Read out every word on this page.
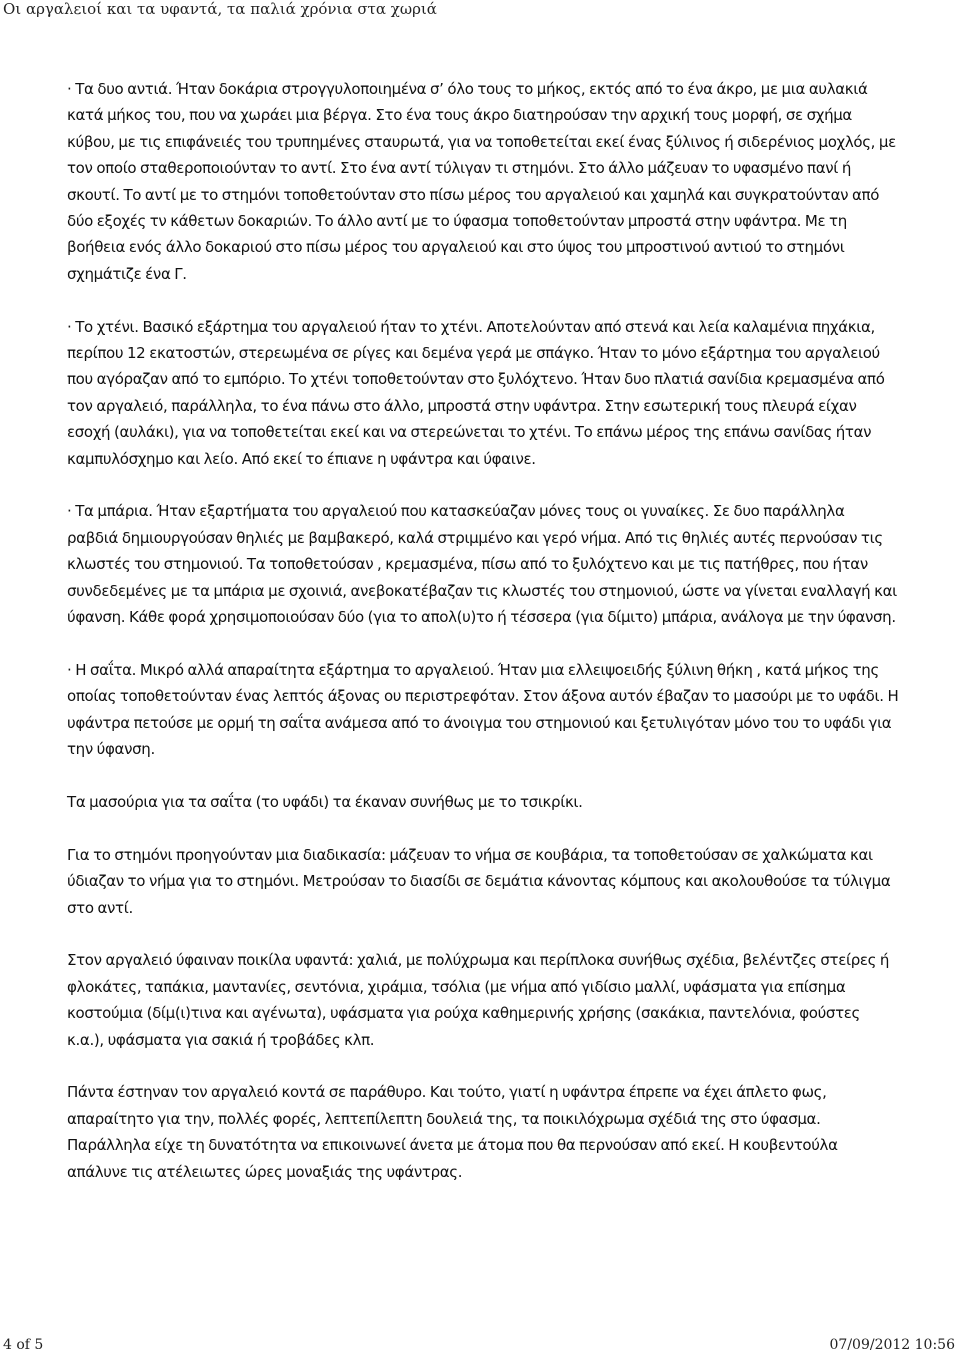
Οι αργαλειοί και τα υφαντά, τα παλιά χρόνια στα χωριά

· Τα δυο αντιά. Ήταν δοκάρια στρογγυλοποιημένα σ’ όλο τους το μήκος, εκτός από το ένα άκρο, με μια αυλακιά κατά μήκος του, που να χωράει μια βέργα. Στο ένα τους άκρο διατηρούσαν την αρχική τους μορφή, σε σχήμα κύβου, με τις επιφάνειές του τρυπημένες σταυρωτά, για να τοποθετείται εκεί ένας ξύλινος ή σιδερένιος μοχλός, με τον οποίο σταθεροποιούνταν το αντί. Στο ένα αντί τύλιγαν τι στημόνι. Στο άλλο μάζευαν το υφασμένο πανί ή σκουτί. Το αντί με το στημόνι τοποθετούνταν στο πίσω μέρος του αργαλειού και χαμηλά και συγκρατούνταν από δύο εξοχές τν κάθετων δοκαριών. Το άλλο αντί με το ύφασμα τοποθετούνταν μπροστά στην υφάντρα. Με τη βοήθεια ενός άλλο δοκαριού στο πίσω μέρος του αργαλειού και στο ύψος του μπροστινού αντιού το στημόνι σχημάτιζε ένα Γ.

· Το χτένι. Βασικό εξάρτημα του αργαλειού ήταν το χτένι. Αποτελούνταν από στενά και λεία καλαμένια πηχάκια, περίπου 12 εκατοστών, στερεωμένα σε ρίγες και δεμένα γερά με σπάγκο. Ήταν το μόνο εξάρτημα του αργαλειού που αγόραζαν από το εμπόριο. Το χτένι τοποθετούνταν στο ξυλόχτενο. Ήταν δυο πλατιά σανίδια κρεμασμένα από τον αργαλειό, παράλληλα, το ένα πάνω στο άλλο, μπροστά στην υφάντρα. Στην εσωτερική τους πλευρά είχαν εσοχή (αυλάκι), για να τοποθετείται εκεί και να στερεώνεται το χτένι. Το επάνω μέρος της επάνω σανίδας ήταν καμπυλόσχημο και λείο. Από εκεί το έπιανε η υφάντρα και ύφαινε.

· Τα μπάρια. Ήταν εξαρτήματα του αργαλειού που κατασκεύαζαν μόνες τους οι γυναίκες. Σε δυο παράλληλα ραβδιά δημιουργούσαν θηλιές με βαμβακερό, καλά στριμμένο και γερό νήμα. Από τις θηλιές αυτές περνούσαν τις κλωστές του στημονιού. Τα τοποθετούσαν , κρεμασμένα, πίσω από το ξυλόχτενο και με τις πατήθρες, που ήταν συνδεδεμένες με τα μπάρια με σχοινιά, ανεβοκατέβαζαν τις κλωστές του στημονιού, ώστε να γίνεται εναλλαγή και ύφανση. Κάθε φορά χρησιμοποιούσαν δύο (για το απολ(υ)το ή τέσσερα (για δίμιτο) μπάρια, ανάλογα με την ύφανση.

· Η σαΐτα. Μικρό αλλά απαραίτητα εξάρτημα το αργαλειού. Ήταν μια ελλειψοειδής ξύλινη θήκη , κατά μήκος της οποίας τοποθετούνταν ένας λεπτός άξονας ου περιστρεφόταν. Στον άξονα αυτόν έβαζαν το μασούρι με το υφάδι. Η υφάντρα πετούσε με ορμή τη σαΐτα ανάμεσα από το άνοιγμα του στημονιού και ξετυλιγόταν μόνο του το υφάδι για την ύφανση.

Τα μασούρια για τα σαΐτα (το υφάδι) τα έκαναν συνήθως με το τσικρίκι.

Για το στημόνι προηγούνταν μια διαδικασία: μάζευαν το νήμα σε κουβάρια, τα τοποθετούσαν σε χαλκώματα και ύδιαζαν το νήμα για το στημόνι. Μετρούσαν το διασίδι σε δεμάτια κάνοντας κόμπους και ακολουθούσε τα τύλιγμα στο αντί.

Στον αργαλειό ύφαιναν ποικίλα υφαντά: χαλιά, με πολύχρωμα και περίπλοκα συνήθως σχέδια, βελέντζες στείρες ή φλοκάτες, ταπάκια, μαντανίες, σεντόνια, χιράμια, τσόλια (με νήμα από γιδίσιο μαλλί, υφάσματα για επίσημα κοστούμια (δίμ(ι)τινα και αγένωτα), υφάσματα για ρούχα καθημερινής χρήσης (σακάκια, παντελόνια, φούστες κ.α.), υφάσματα για σακιά ή τροβάδες κλπ.

Πάντα έστηναν τον αργαλειό κοντά σε παράθυρο. Και τούτο, γιατί η υφάντρα έπρεπε να έχει άπλετο φως, απαραίτητο για την, πολλές φορές, λεπτεπίλεπτη δουλειά της, τα ποικιλόχρωμα σχέδιά της στο ύφασμα. Παράλληλα είχε τη δυνατότητα να επικοινωνεί άνετα με άτομα που θα περνούσαν από εκεί. Η κουβεντούλα απάλυνε τις ατέλειωτες ώρες μοναξιάς της υφάντρας.

4 of 5	07/09/2012 10:56
